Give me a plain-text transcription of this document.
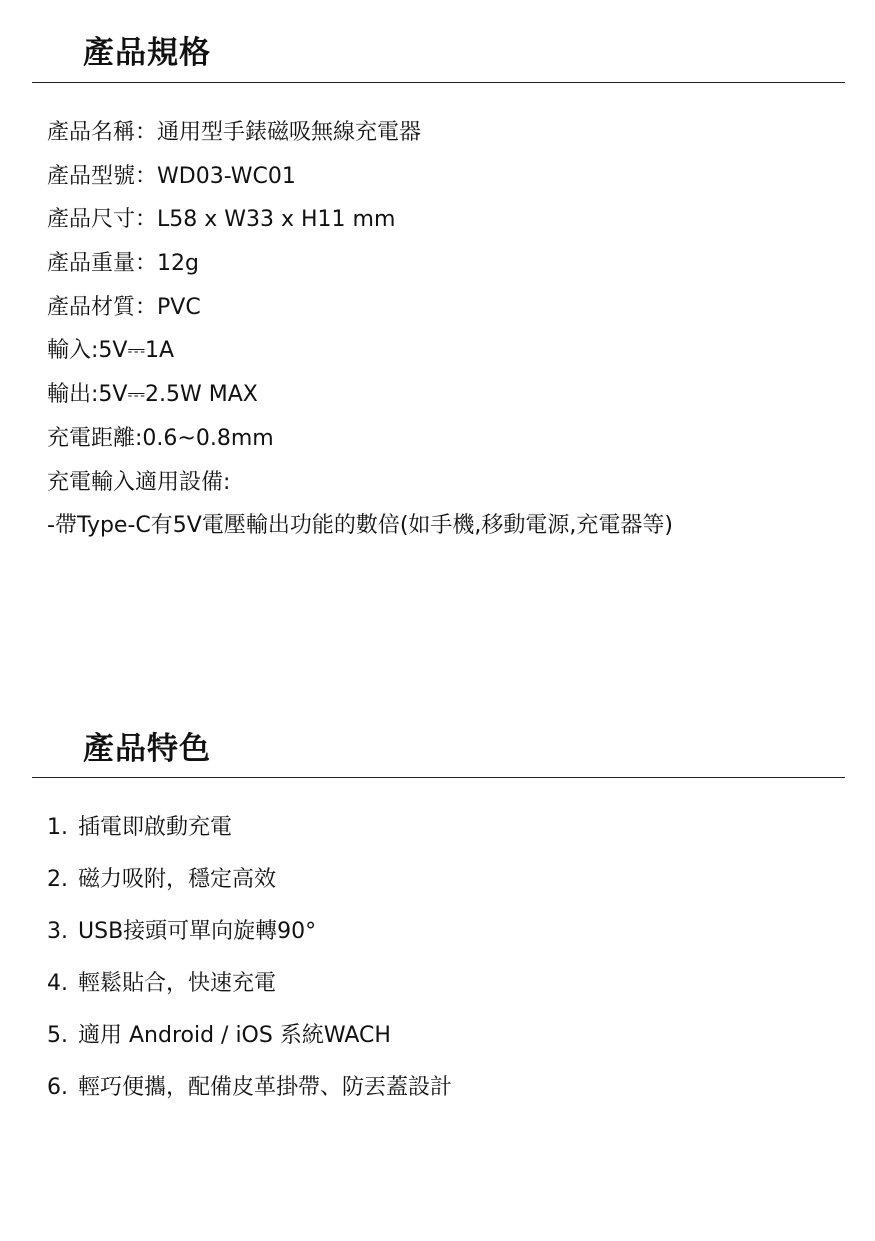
產品規格
產品名稱：通用型手錶磁吸無線充電器
產品型號：WD03-WC01
產品尺寸：L58 x W33 x H11 mm
產品重量：12g
產品材質：PVC
輸入:5V⎓1A
輸出:5V⎓2.5W MAX
充電距離:0.6~0.8mm
充電輸入適用設備:
-帶Type-C有5V電壓輸出功能的數倍(如手機,移動電源,充電器等)
產品特色
1. 插電即啟動充電
2. 磁力吸附，穩定高效
3. USB接頭可單向旋轉90°
4. 輕鬆貼合，快速充電
5. 適用 Android / iOS 系統WACH
6. 輕巧便攜，配備皮革掛帶、防丟蓋設計
